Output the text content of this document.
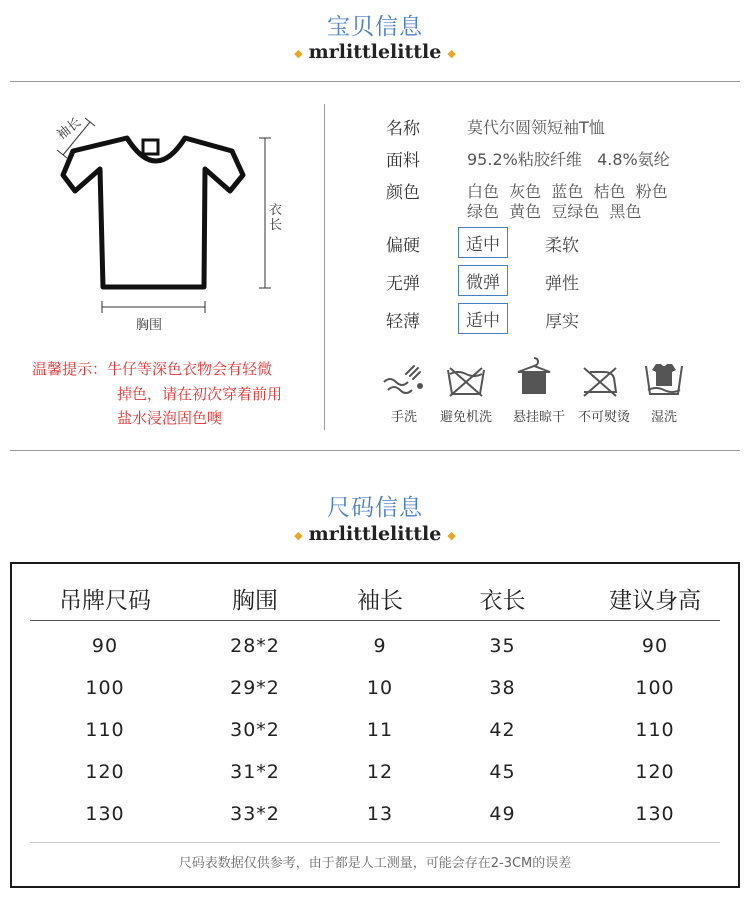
宝贝信息
◆ mrlittlelittle ◆
袖长
衣长
胸围
温馨提示：牛仔等深色衣物会有轻微
掉色，请在初次穿着前用
盐水浸泡固色噢
名称	莫代尔圆领短袖T恤
面料	95.2%粘胶纤维   4.8%氨纶
颜色	白色  灰色  蓝色  桔色  粉色
绿色  黄色  豆绿色  黑色
偏硬	适中	柔软
无弹	微弹	弹性
轻薄	适中	厚实
手洗	避免机洗	悬挂晾干 不可熨烫	湿洗
尺码信息
◆ mrlittlelittle ◆
吊牌尺码	胸围	袖长	衣长	建议身高
90	28*2	9	35	90
100	29*2	10	38	100
110	30*2	11	42	110
120	31*2	12	45	120
130	33*2	13	49	130
尺码表数据仅供参考，由于都是人工测量，可能会存在2-3CM的误差
